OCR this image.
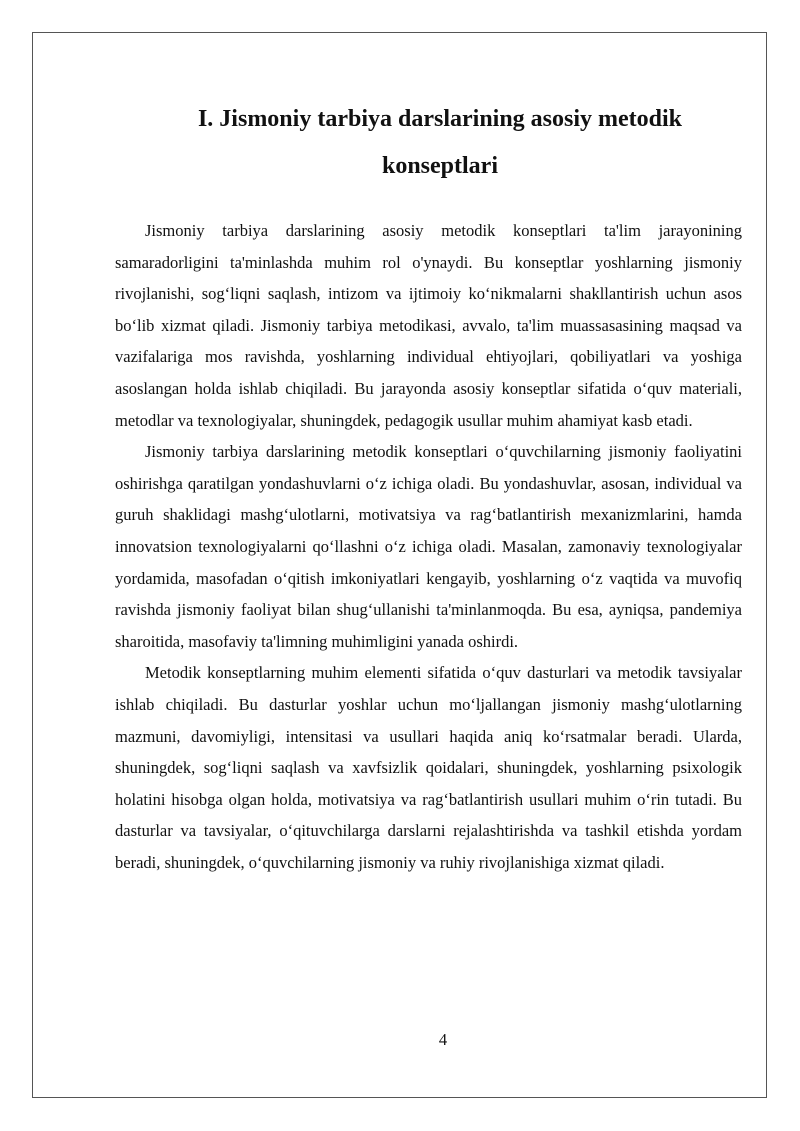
I. Jismoniy tarbiya darslarining asosiy metodik konseptlari

Jismoniy tarbiya darslarining asosiy metodik konseptlari ta'lim jarayonining samaradorligini ta'minlashda muhim rol o'ynaydi. Bu konseptlar yoshlarning jismoniy rivojlanishi, sog‘liqni saqlash, intizom va ijtimoiy ko‘nikmalarni shakllantirish uchun asos bo‘lib xizmat qiladi. Jismoniy tarbiya metodikasi, avvalo, ta'lim muassasasining maqsad va vazifalariga mos ravishda, yoshlarning individual ehtiyojlari, qobiliyatlari va yoshiga asoslangan holda ishlab chiqiladi. Bu jarayonda asosiy konseptlar sifatida o‘quv materiali, metodlar va texnologiyalar, shuningdek, pedagogik usullar muhim ahamiyat kasb etadi.

Jismoniy tarbiya darslarining metodik konseptlari o‘quvchilarning jismoniy faoliyatini oshirishga qaratilgan yondashuvlarni o‘z ichiga oladi. Bu yondashuvlar, asosan, individual va guruh shaklidagi mashg‘ulotlarni, motivatsiya va rag‘batlantirish mexanizmlarini, hamda innovatsion texnologiyalarni qo‘llashni o‘z ichiga oladi. Masalan, zamonaviy texnologiyalar yordamida, masofadan o‘qitish imkoniyatlari kengayib, yoshlarning o‘z vaqtida va muvofiq ravishda jismoniy faoliyat bilan shug‘ullanishi ta'minlanmoqda. Bu esa, ayniqsa, pandemiya sharoitida, masofaviy ta'limning muhimligini yanada oshirdi.

Metodik konseptlarning muhim elementi sifatida o‘quv dasturlari va metodik tavsiyalar ishlab chiqiladi. Bu dasturlar yoshlar uchun mo‘ljallangan jismoniy mashg‘ulotlarning mazmuni, davomiyligi, intensitasi va usullari haqida aniq ko‘rsatmalar beradi. Ularda, shuningdek, sog‘liqni saqlash va xavfsizlik qoidalari, shuningdek, yoshlarning psixologik holatini hisobga olgan holda, motivatsiya va rag‘batlantirish usullari muhim o‘rin tutadi. Bu dasturlar va tavsiyalar, o‘qituvchilarga darslarni rejalashtirishda va tashkil etishda yordam beradi, shuningdek, o‘quvchilarning jismoniy va ruhiy rivojlanishiga xizmat qiladi.

4
